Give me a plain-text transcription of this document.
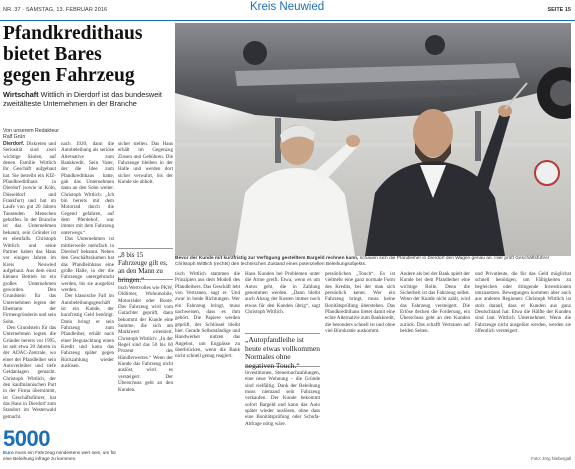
NR. 37 · SAMSTAG, 13. FEBRUAR 2016	Kreis Neuwied	SEITE 15
Pfandkredithaus
bietet Bares
gegen Fahrzeug
Wirtschaft Wittlich in Dierdorf ist das bundesweit zweitälteste Unternehmen in der Branche
Von unserem Redakteur
Ralf Grün

Dierdorf. Diskreten und Seriosität sind zwei wichtige Säulen, auf denen Familie Wittlich ihr Geschäft aufgebaut hat. Sie betreibt ein KfZ-Pfandkreditihaus in Dierdorf (sowie in Köln, Düsseldorf und Frankfurt) und hat im Laufe von gut 20 Jahren Tausenden Menschen geholfen. In der Branche ist das Unternehmen bekannt, sein Gründer ist es ebenfalls. Christoph Wittlich und seine Partner haben das Haus vor einigen Jahren im Kreis Neuwied aufgebaut. Aus dem einst kleinen Betrieb ist ein großes Unternehmen geworden. Den Grundstein für das Unternehmen legten der Ehemann der Firmengründerin und sein Sohn.

Den Grundstein für das Unternehmen legten die Gründer bereits vor 1995, ist seit etwa 20 Jahren in der ADAC-Zentrale, wo einer der Pfandleiher sein Autoverleiher und tiefe Geldanlagen gemacht. Christoph Wittlich, der den kaufmännischen Part in der Firma übernimmt, ist Geschäftsführer, hat das Haus in Dierdorf zum Standort im Westerwald gemacht.

nach 1920, dann die Autobeleihung als seriöse Alternative zum Bankkredit. Sein Vater, der die Idee zum Pfandkredithaus hatte, gab das Unternehmen dann an den Sohn weiter. Christoph Wittlich: „Ich bin bereits mit dem Motorrad durch die Gegend gefahren, auf dem Pferdehof, war immer mit dem Fahrzeug unterwegs.“

Das Unternehmen ist mittlerweile mehrfach in Dierdorf bekannt. Neben den Geschäftsräumen hat das Pfandleihhaus eine große Halle, in der die Fahrzeuge untergebracht werden, bis sie ausgelöst werden.

Der klassische Fall im Autobeleihungsgeschäft ist ein Kunde, der kurzfristig Geld benötigt. Dann bringt er sein Fahrzeug zum Pfandleiher, erhält nach einer Begutachtung einen Kredit und kann das Fahrzeug später gegen Rückzahlung wieder auslösen.

sicher stellen. Das Haus erhält im Gegenzug Zinsen und Gebühren. Die Fahrzeuge bleiben in der Halle und werden dort sicher verwahrt, bis der Kunde sie abholt.

„8 bis 15 Fahrzeuge gilt es, an den Mann zu bringen.“

tisch Wertvolles wie PKW, Oldtimer, Wohnmobile, Motorräder oder Boote. Das Fahrzeug wird vom Gutachter geprüft, dann bekommt der Kunde eine Summe, die sich am Marktwert orientiert. Christoph Wittlich: „In der Regel sind das 50 bis 60 Prozent des Händlerwertes.“ Wenn der Kunde das Fahrzeug nicht auslöst, wird es versteigert. Der Überschuss geht an den Kunden.

Bevor der Kunde mit kurzfristig zur Verfügung gestelltem Bargeld rechnen kann, schauen sich die Pfandleiher in Dierdorf den Wagen genau an. Hier prüft Geschäftsführer Christoph Wittlich (rechts) den technischen Zustand eines potenziellen Beleihungsobjekts.

tisch Wittlich stammen die Prinzipien aus dem Modell des Pfandleihers. Das Geschäft lebt von Vertrauen, sagt er. Und zwar in beide Richtungen. Wer ein Fahrzeug bringt, muss nachweisen, dass es ihm gehört. Die Papiere werden geprüft, der Schlüssel bleibt hier. Gerade Selbstständige und Handwerker nutzen das Angebot, um Engpässe zu überbrücken, wenn die Bank nicht schnell genug reagiert.

Haus Kunden bei Problemen unter die Arme greift. Etwa, wenn es um Autos geht, die in Zahlung genommen werden. „Dann bleibt auch Abzug der Kosten immer noch etwas für den Kunden übrig“, sagt Christoph Wittlich.

„Autopfandleihe ist heute etwas vollkommen Normales ohne negativen Touch.“

Investitionen, Steuernachzahlungen, eine neue Wohnung – die Gründe sind vielfältig. Dank der Beleihung muss niemand sein Fahrzeug verkaufen. Der Kunde bekommt sofort Bargeld und kann das Auto später wieder auslösen, ohne dass eine Bonitätsprüfung oder Schufa-Abfrage nötig wäre.

persönlichen „Touch“. Es ist vielmehr eine ganz normale Form des Kredits, bei der man sich persönlich kennt. Wer ein Fahrzeug bringt, muss keine Bonitätsprüfung überstehen. Das Pfandkreditihaus bietet damit eine echte Alternative zum Bankkredit, die besonders schnell ist und ohne viel Bürokratie auskommt.

Andere als bei der Bank spielt der Kunde bei dem Pfandleiher eine wichtige Rolle. Denn die Sicherheit ist das Fahrzeug selbst. Wenn der Kunde nicht zahlt, wird das Fahrzeug versteigert. Die Erlöse decken die Forderung, ein Überschuss geht an den Kunden zurück. Das schafft Vertrauen auf beiden Seiten.

und Privatleute, die für das Geld möglichst schnell benötigen, um Fälligkeiten zu begleichen oder dringende Investitionen umzusetzen. Bewegungen kommen aber auch aus anderen Regionen: Christoph Wittlich ist stolz darauf, dass er Kunden aus ganz Deutschland hat. Etwa die Hälfte der Kunden sind laut Wittlich Unternehmer. Wenn die Fahrzeuge nicht ausgelöst werden, werden sie öffentlich versteigert.

5000
Euro muss ein Fahrzeug mindestens wert sein, um für eine Beleihung infrage zu kommen.	Foto: Jörg Niebergall
